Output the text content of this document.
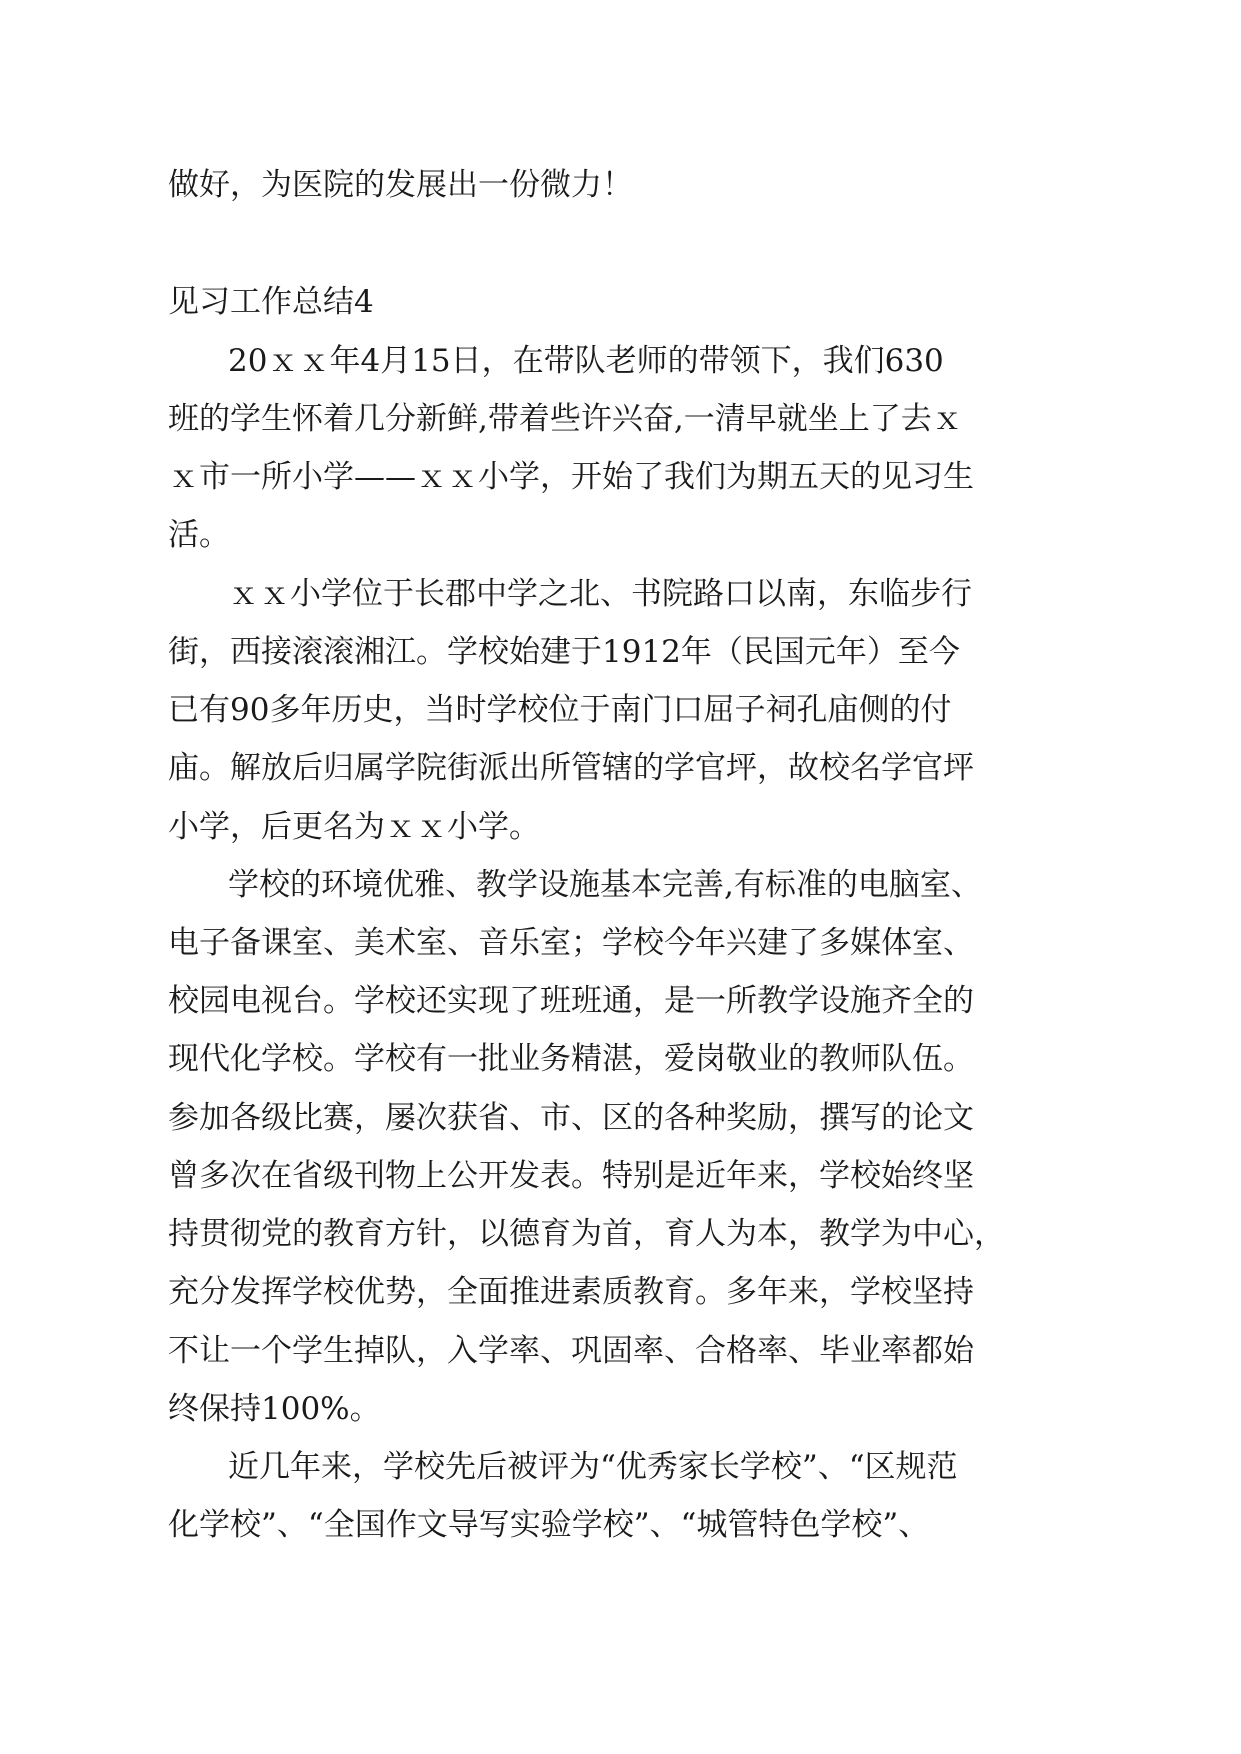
做好，为医院的发展出一份微力！

见习工作总结4

20ｘｘ年4月15日，在带队老师的带领下，我们630

班的学生怀着几分新鲜,带着些许兴奋,一清早就坐上了去ｘ

ｘ市一所小学——ｘｘ小学，开始了我们为期五天的见习生

活。

ｘｘ小学位于长郡中学之北、书院路口以南，东临步行

街，西接滚滚湘江。学校始建于1912年（民国元年）至今

已有90多年历史，当时学校位于南门口屈子祠孔庙侧的付

庙。解放后归属学院街派出所管辖的学官坪，故校名学官坪

小学，后更名为ｘｘ小学。

学校的环境优雅、教学设施基本完善,有标准的电脑室、

电子备课室、美术室、音乐室；学校今年兴建了多媒体室、

校园电视台。学校还实现了班班通，是一所教学设施齐全的

现代化学校。学校有一批业务精湛，爱岗敬业的教师队伍。

参加各级比赛，屡次获省、市、区的各种奖励，撰写的论文

曾多次在省级刊物上公开发表。特别是近年来，学校始终坚

持贯彻党的教育方针，以德育为首，育人为本，教学为中心，

充分发挥学校优势，全面推进素质教育。多年来，学校坚持

不让一个学生掉队，入学率、巩固率、合格率、毕业率都始

终保持100%。

近几年来，学校先后被评为“优秀家长学校”、“区规范

化学校”、“全国作文导写实验学校”、“城管特色学校”、
